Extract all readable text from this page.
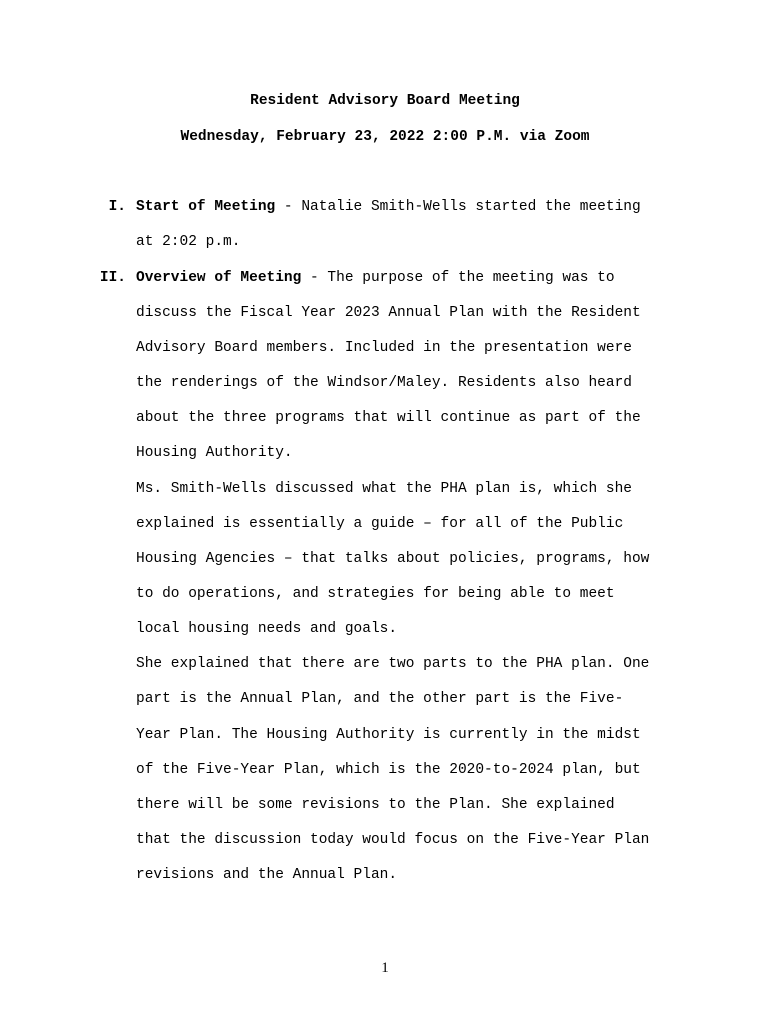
Resident Advisory Board Meeting
Wednesday, February 23, 2022 2:00 P.M. via Zoom
I. Start of Meeting - Natalie Smith-Wells started the meeting
at 2:02 p.m.
II. Overview of Meeting - The purpose of the meeting was to
discuss the Fiscal Year 2023 Annual Plan with the Resident
Advisory Board members. Included in the presentation were
the renderings of the Windsor/Maley. Residents also heard
about the three programs that will continue as part of the
Housing Authority.
Ms. Smith-Wells discussed what the PHA plan is, which she
explained is essentially a guide – for all of the Public
Housing Agencies – that talks about policies, programs, how
to do operations, and strategies for being able to meet
local housing needs and goals.
She explained that there are two parts to the PHA plan. One
part is the Annual Plan, and the other part is the Five-
Year Plan. The Housing Authority is currently in the midst
of the Five-Year Plan, which is the 2020-to-2024 plan, but
there will be some revisions to the Plan. She explained
that the discussion today would focus on the Five-Year Plan
revisions and the Annual Plan.
1
